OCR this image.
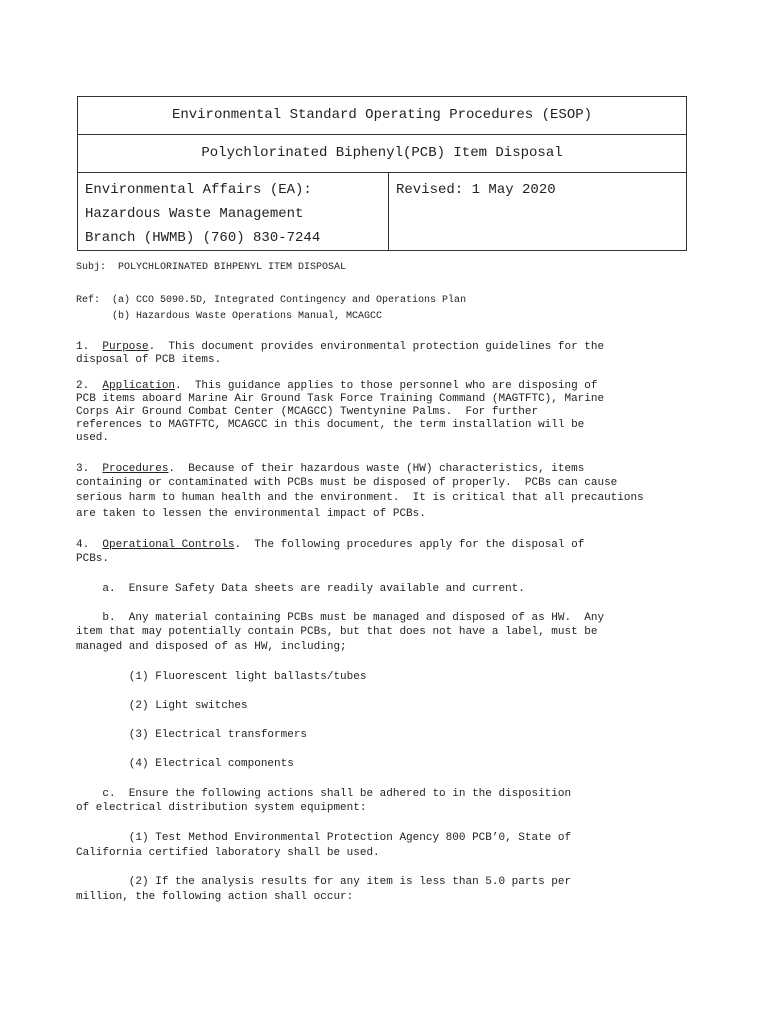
Environmental Standard Operating Procedures (ESOP)
Polychlorinated Biphenyl(PCB) Item Disposal

Environmental Affairs (EA):
Hazardous Waste Management
Branch (HWMB) (760) 830-7244
	Revised: 1 May 2020
Subj:  POLYCHLORINATED BIHPENYL ITEM DISPOSAL
Ref:  (a) CCO 5090.5D, Integrated Contingency and Operations Plan
(b) Hazardous Waste Operations Manual, MCAGCC
1.  Purpose.  This document provides environmental protection guidelines for the
disposal of PCB items.
2.  Application.  This guidance applies to those personnel who are disposing of
PCB items aboard Marine Air Ground Task Force Training Command (MAGTFTC), Marine
Corps Air Ground Combat Center (MCAGCC) Twentynine Palms.  For further
references to MAGTFTC, MCAGCC in this document, the term installation will be
used.
3.  Procedures.  Because of their hazardous waste (HW) characteristics, items
containing or contaminated with PCBs must be disposed of properly.  PCBs can cause
serious harm to human health and the environment.  It is critical that all precautions
are taken to lessen the environmental impact of PCBs.
4.  Operational Controls.  The following procedures apply for the disposal of
PCBs.
a.  Ensure Safety Data sheets are readily available and current.
b.  Any material containing PCBs must be managed and disposed of as HW.  Any
item that may potentially contain PCBs, but that does not have a label, must be
managed and disposed of as HW, including;
(1) Fluorescent light ballasts/tubes
(2) Light switches
(3) Electrical transformers
(4) Electrical components
c.  Ensure the following actions shall be adhered to in the disposition
of electrical distribution system equipment:
(1) Test Method Environmental Protection Agency 800 PCB’0, State of
California certified laboratory shall be used.
(2) If the analysis results for any item is less than 5.0 parts per
million, the following action shall occur:
